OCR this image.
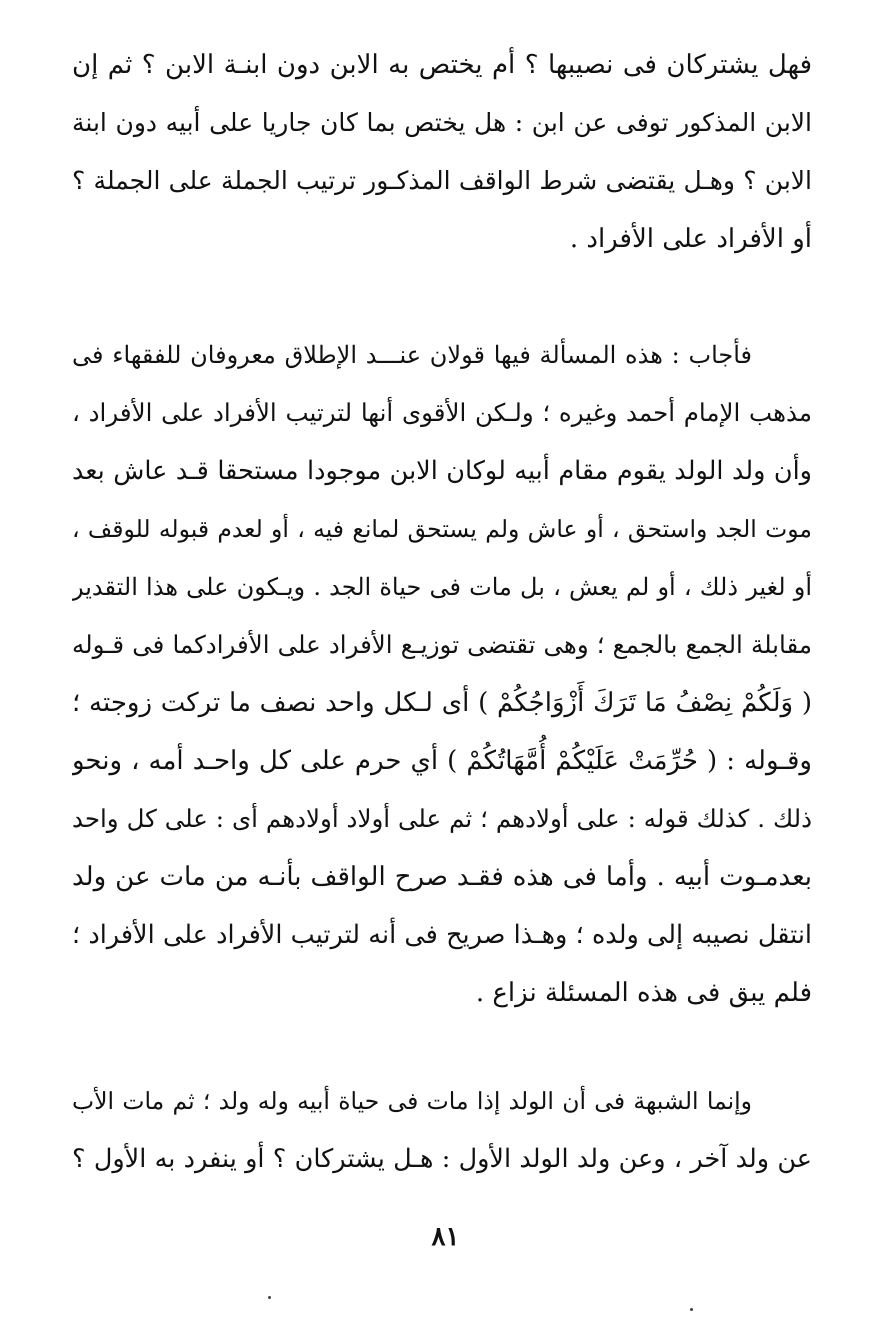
فهل يشتركان فى نصيبها ؟ أم يختص به الابن دون ابنـة الابن ؟ ثم إن
الابن المذكور توفى عن ابن : هل يختص بما كان جاريا على أبيه دون ابنة
الابن ؟ وهـل يقتضى شرط الواقف المذكـور ترتيب الجملة على الجملة ؟
أو الأفراد على الأفراد .
فأجاب : هذه المسألة فيها قولان عنـــد الإطلاق معروفان للفقهاء فى
مذهب الإمام أحمد وغيره ؛ ولـكن الأقوى أنها لترتيب الأفراد على الأفراد ،
وأن ولد الولد يقوم مقام أبيه لوكان الابن موجودا مستحقا قـد عاش بعد
موت الجد واستحق ، أو عاش ولم يستحق لمانع فيه ، أو لعدم قبوله للوقف ،
أو لغير ذلك ، أو لم يعش ، بل مات فى حياة الجد . ويـكون على هذا التقدير
مقابلة الجمع بالجمع ؛ وهى تقتضى توزيـع الأفراد على الأفرادكما فى قـوله
( وَلَكُمْ نِصْفُ مَا تَرَكَ أَزْوَاجُكُمْ ) أى لـكل واحد نصف ما تركت زوجته ؛
وقـوله : ( حُرِّمَتْ عَلَيْكُمْ أُمَّهَاتُكُمْ ) أي حرم على كل واحـد أمه ، ونحو
ذلك . كذلك قوله : على أولادهم ؛ ثم على أولاد أولادهم أى : على كل واحد
بعدمـوت أبيه . وأما فى هذه فقـد صرح الواقف بأنـه من مات عن ولد
انتقل نصيبه إلى ولده ؛ وهـذا صريح فى أنه لترتيب الأفراد على الأفراد ؛
فلم يبق فى هذه المسئلة نزاع .
وإنما الشبهة فى أن الولد إذا مات فى حياة أبيه وله ولد ؛ ثم مات الأب
عن ولد آخر ، وعن ولد الولد الأول : هـل يشتركان ؟ أو ينفرد به الأول ؟
٨١
